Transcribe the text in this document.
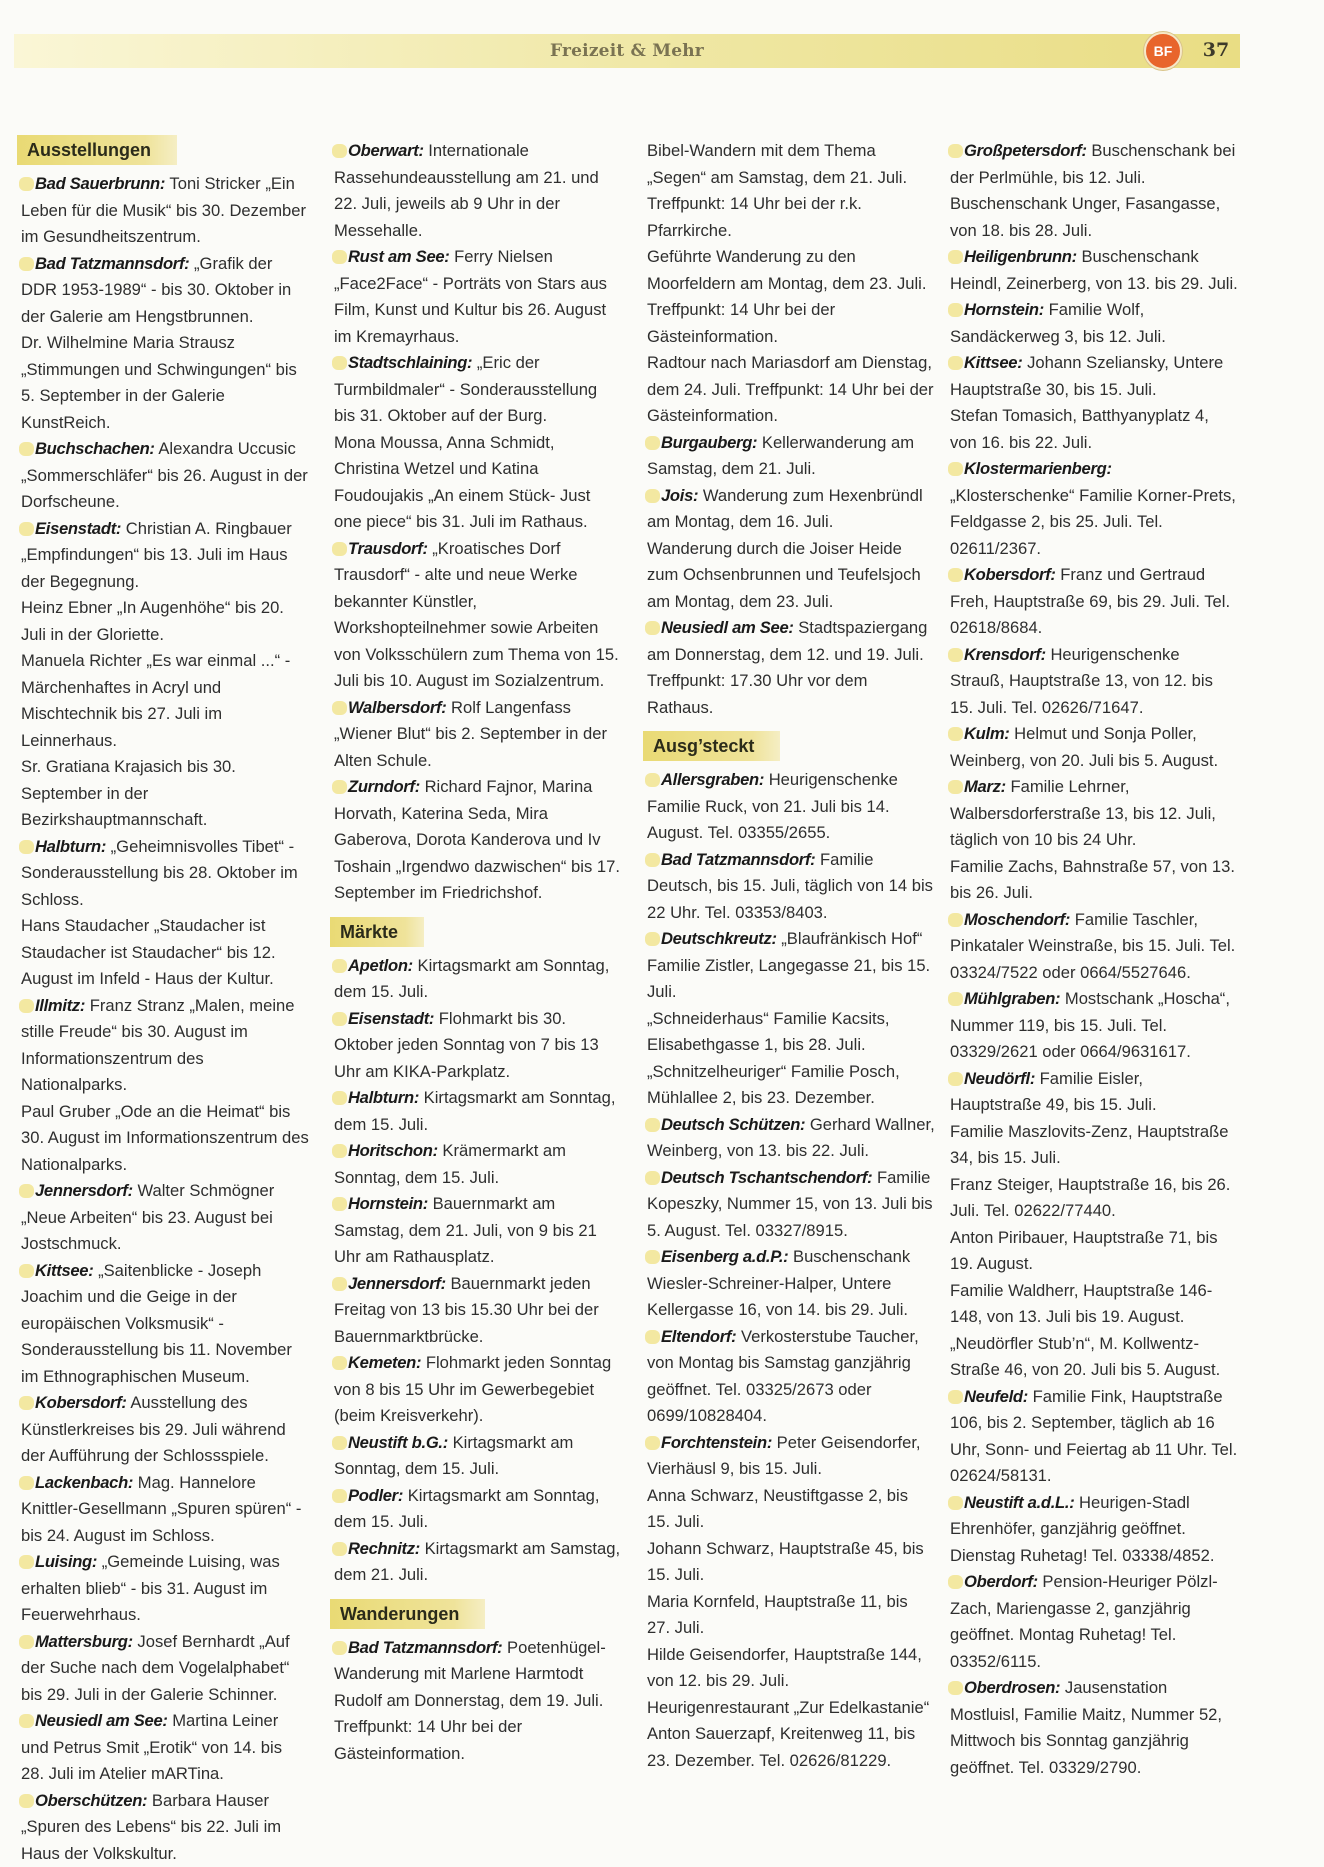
Freizeit & Mehr	BF	37
Ausstellungen

Bad Sauerbrunn: Toni Stricker „Ein Leben für die Musik“ bis 30. Dezember im Gesundheitszentrum.

Bad Tatzmannsdorf: „Grafik der DDR 1953-1989“ - bis 30. Oktober in der Galerie am Hengstbrunnen.

Dr. Wilhelmine Maria Strausz „Stimmungen und Schwingungen“ bis 5. September in der Galerie KunstReich.

Buchschachen: Alexandra Uccusic „Sommerschläfer“ bis 26. August in der Dorfscheune.

Eisenstadt: Christian A. Ringbauer „Empfindungen“ bis 13. Juli im Haus der Begegnung.

Heinz Ebner „In Augenhöhe“ bis 20. Juli in der Gloriette.

Manuela Richter „Es war einmal ...“ - Märchenhaftes in Acryl und Mischtechnik bis 27. Juli im Leinnerhaus.

Sr. Gratiana Krajasich bis 30. September in der Bezirkshauptmannschaft.

Halbturn: „Geheimnisvolles Tibet“ - Sonderausstellung bis 28. Oktober im Schloss.

Hans Staudacher „Staudacher ist Staudacher ist Staudacher“ bis 12. August im Infeld - Haus der Kultur.

Illmitz: Franz Stranz „Malen, meine stille Freude“ bis 30. August im Informationszentrum des Nationalparks.

Paul Gruber „Ode an die Heimat“ bis 30. August im Informationszentrum des Nationalparks.

Jennersdorf: Walter Schmögner „Neue Arbeiten“ bis 23. August bei Jostschmuck.

Kittsee: „Saitenblicke - Joseph Joachim und die Geige in der europäischen Volksmusik“ - Sonderausstellung bis 11. November im Ethnographischen Museum.

Kobersdorf: Ausstellung des Künstlerkreises bis 29. Juli während der Aufführung der Schlossspiele.

Lackenbach: Mag. Hannelore Knittler-Gesellmann „Spuren spüren“ - bis 24. August im Schloss.

Luising: „Gemeinde Luising, was erhalten blieb“ - bis 31. August im Feuerwehrhaus.

Mattersburg: Josef Bernhardt „Auf der Suche nach dem Vogelalphabet“ bis 29. Juli in der Galerie Schinner.

Neusiedl am See: Martina Leiner und Petrus Smit „Erotik“ von 14. bis 28. Juli im Atelier mARTina.

Oberschützen: Barbara Hauser „Spuren des Lebens“ bis 22. Juli im Haus der Volkskultur.

Oberwart: Internationale Rassehundeausstellung am 21. und 22. Juli, jeweils ab 9 Uhr in der Messehalle.

Rust am See: Ferry Nielsen „Face2Face“ - Porträts von Stars aus Film, Kunst und Kultur bis 26. August im Kremayrhaus.

Stadtschlaining: „Eric der Turmbildmaler“ - Sonderausstellung bis 31. Oktober auf der Burg.

Mona Moussa, Anna Schmidt, Christina Wetzel und Katina Foudoujakis „An einem Stück- Just one piece“ bis 31. Juli im Rathaus.

Trausdorf: „Kroatisches Dorf Trausdorf“ - alte und neue Werke bekannter Künstler, Workshopteilnehmer sowie Arbeiten von Volksschülern zum Thema von 15. Juli bis 10. August im Sozialzentrum.

Walbersdorf: Rolf Langenfass „Wiener Blut“ bis 2. September in der Alten Schule.

Zurndorf: Richard Fajnor, Marina Horvath, Katerina Seda, Mira Gaberova, Dorota Kanderova und Iv Toshain „Irgendwo dazwischen“ bis 17. September im Friedrichshof.

Märkte

Apetlon: Kirtagsmarkt am Sonntag, dem 15. Juli.

Eisenstadt: Flohmarkt bis 30. Oktober jeden Sonntag von 7 bis 13 Uhr am KIKA-Parkplatz.

Halbturn: Kirtagsmarkt am Sonntag, dem 15. Juli.

Horitschon: Krämermarkt am Sonntag, dem 15. Juli.

Hornstein: Bauernmarkt am Samstag, dem 21. Juli, von 9 bis 21 Uhr am Rathausplatz.

Jennersdorf: Bauernmarkt jeden Freitag von 13 bis 15.30 Uhr bei der Bauernmarktbrücke.

Kemeten: Flohmarkt jeden Sonntag von 8 bis 15 Uhr im Gewerbegebiet (beim Kreisverkehr).

Neustift b.G.: Kirtagsmarkt am Sonntag, dem 15. Juli.

Podler: Kirtagsmarkt am Sonntag, dem 15. Juli.

Rechnitz: Kirtagsmarkt am Samstag, dem 21. Juli.

Wanderungen

Bad Tatzmannsdorf: Poetenhügel-Wanderung mit Marlene Harmtodt Rudolf am Donnerstag, dem 19. Juli. Treffpunkt: 14 Uhr bei der Gästeinformation.

Bibel-Wandern mit dem Thema „Segen“ am Samstag, dem 21. Juli. Treffpunkt: 14 Uhr bei der r.k. Pfarrkirche.

Geführte Wanderung zu den Moorfeldern am Montag, dem 23. Juli. Treffpunkt: 14 Uhr bei der Gästeinformation.

Radtour nach Mariasdorf am Dienstag, dem 24. Juli. Treffpunkt: 14 Uhr bei der Gästeinformation.

Burgauberg: Kellerwanderung am Samstag, dem 21. Juli.

Jois: Wanderung zum Hexenbründl am Montag, dem 16. Juli.

Wanderung durch die Joiser Heide zum Ochsenbrunnen und Teufelsjoch am Montag, dem 23. Juli.

Neusiedl am See: Stadtspaziergang am Donnerstag, dem 12. und 19. Juli. Treffpunkt: 17.30 Uhr vor dem Rathaus.

Ausg’steckt

Allersgraben: Heurigenschenke Familie Ruck, von 21. Juli bis 14. August. Tel. 03355/2655.

Bad Tatzmannsdorf: Familie Deutsch, bis 15. Juli, täglich von 14 bis 22 Uhr. Tel. 03353/8403.

Deutschkreutz: „Blaufränkisch Hof“ Familie Zistler, Langegasse 21, bis 15. Juli.

„Schneiderhaus“ Familie Kacsits, Elisabethgasse 1, bis 28. Juli.

„Schnitzelheuriger“ Familie Posch, Mühlallee 2, bis 23. Dezember.

Deutsch Schützen: Gerhard Wallner, Weinberg, von 13. bis 22. Juli.

Deutsch Tschantschendorf: Familie Kopeszky, Nummer 15, von 13. Juli bis 5. August. Tel. 03327/8915.

Eisenberg a.d.P.: Buschenschank Wiesler-Schreiner-Halper, Untere Kellergasse 16, von 14. bis 29. Juli.

Eltendorf: Verkosterstube Taucher, von Montag bis Samstag ganzjährig geöffnet. Tel. 03325/2673 oder 0699/10828404.

Forchtenstein: Peter Geisendorfer, Vierhäusl 9, bis 15. Juli.

Anna Schwarz, Neustiftgasse 2, bis 15. Juli.

Johann Schwarz, Hauptstraße 45, bis 15. Juli.

Maria Kornfeld, Hauptstraße 11, bis 27. Juli.

Hilde Geisendorfer, Hauptstraße 144, von 12. bis 29. Juli.

Heurigenrestaurant „Zur Edelkastanie“ Anton Sauerzapf, Kreitenweg 11, bis 23. Dezember. Tel. 02626/81229.

Großpetersdorf: Buschenschank bei der Perlmühle, bis 12. Juli.

Buschenschank Unger, Fasangasse, von 18. bis 28. Juli.

Heiligenbrunn: Buschenschank Heindl, Zeinerberg, von 13. bis 29. Juli.

Hornstein: Familie Wolf, Sandäckerweg 3, bis 12. Juli.

Kittsee: Johann Szeliansky, Untere Hauptstraße 30, bis 15. Juli.

Stefan Tomasich, Batthyanyplatz 4, von 16. bis 22. Juli.

Klostermarienberg: „Klosterschenke“ Familie Korner-Prets, Feldgasse 2, bis 25. Juli. Tel. 02611/2367.

Kobersdorf: Franz und Gertraud Freh, Hauptstraße 69, bis 29. Juli. Tel. 02618/8684.

Krensdorf: Heurigenschenke Strauß, Hauptstraße 13, von 12. bis 15. Juli. Tel. 02626/71647.

Kulm: Helmut und Sonja Poller, Weinberg, von 20. Juli bis 5. August.

Marz: Familie Lehrner, Walbersdorferstraße 13, bis 12. Juli, täglich von 10 bis 24 Uhr.

Familie Zachs, Bahnstraße 57, von 13. bis 26. Juli.

Moschendorf: Familie Taschler, Pinkataler Weinstraße, bis 15. Juli. Tel. 03324/7522 oder 0664/5527646.

Mühlgraben: Mostschank „Hoscha“, Nummer 119, bis 15. Juli. Tel. 03329/2621 oder 0664/9631617.

Neudörfl: Familie Eisler, Hauptstraße 49, bis 15. Juli.

Familie Maszlovits-Zenz, Hauptstraße 34, bis 15. Juli.

Franz Steiger, Hauptstraße 16, bis 26. Juli. Tel. 02622/77440.

Anton Piribauer, Hauptstraße 71, bis 19. August.

Familie Waldherr, Hauptstraße 146-148, von 13. Juli bis 19. August.

„Neudörfler Stub’n“, M. Kollwentz-Straße 46, von 20. Juli bis 5. August.

Neufeld: Familie Fink, Hauptstraße 106, bis 2. September, täglich ab 16 Uhr, Sonn- und Feiertag ab 11 Uhr. Tel. 02624/58131.

Neustift a.d.L.: Heurigen-Stadl Ehrenhöfer, ganzjährig geöffnet. Dienstag Ruhetag! Tel. 03338/4852.

Oberdorf: Pension-Heuriger Pölzl-Zach, Mariengasse 2, ganzjährig geöffnet. Montag Ruhetag! Tel. 03352/6115.

Oberdrosen: Jausenstation Mostluisl, Familie Maitz, Nummer 52, Mittwoch bis Sonntag ganzjährig geöffnet. Tel. 03329/2790.
